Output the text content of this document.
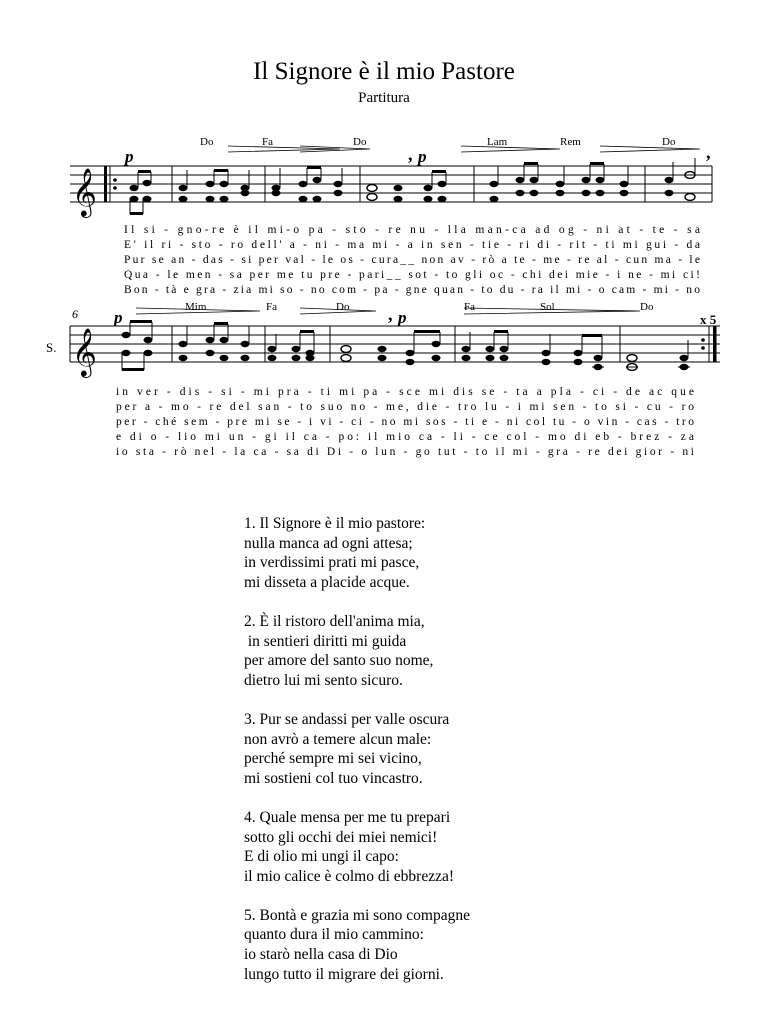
Il Signore è il mio Pastore
Partitura
𝄞
p	p
,	,
Do	Fa	Do	Lam	Rem	Do
Il si - gno-re è il mi-o pa - sto - re nu - lla man-ca ad og - ni at - te - sa
E' il ri - sto - ro dell' a - ni - ma mi - a in sen - tie - ri di - rit - ti mi gui - da
Pur se an - das - si per val - le os - cura__ non av - rò a te - me - re al - cun ma - le
Qua - le men - sa per me tu pre - pari__ sot - to gli oc - chi dei mie - i ne - mi ci!
Bon - tà e gra - zia mi so - no com - pa - gne quan - to du - ra il mi - o cam - mi - no
6
S. 𝄞
x 5
p	p
,
Mim	Fa	Do	Fa	Sol	Do
in ver - dis - si - mi pra - ti mi pa - sce mi dis se - ta a pla - ci - de ac que
per a - mo - re del san - to suo no - me, die - tro lu - i mi sen - to si - cu - ro
per - ché sem - pre mi se - i vi - ci - no mi sos - ti e - ni col tu - o vin - cas - tro
e di o - lio mi un - gi il ca - po: il mio ca - li - ce col - mo di eb - brez - za
io sta - rò nel - la ca - sa di Di - o lun - go tut - to il mi - gra - re dei gior - ni

1. Il Signore è il mio pastore:

nulla manca ad ogni attesa;

in verdissimi prati mi pasce,

mi disseta a placide acque.

2. È il ristoro dell'anima mia,

in sentieri diritti mi guida

per amore del santo suo nome,

dietro lui mi sento sicuro.

3. Pur se andassi per valle oscura

non avrò a temere alcun male:

perché sempre mi sei vicino,

mi sostieni col tuo vincastro.

4. Quale mensa per me tu prepari

sotto gli occhi dei miei nemici!

E di olio mi ungi il capo:

il mio calice è colmo di ebbrezza!

5. Bontà e grazia mi sono compagne

quanto dura il mio cammino:

io starò nella casa di Dio

lungo tutto il migrare dei giorni.
